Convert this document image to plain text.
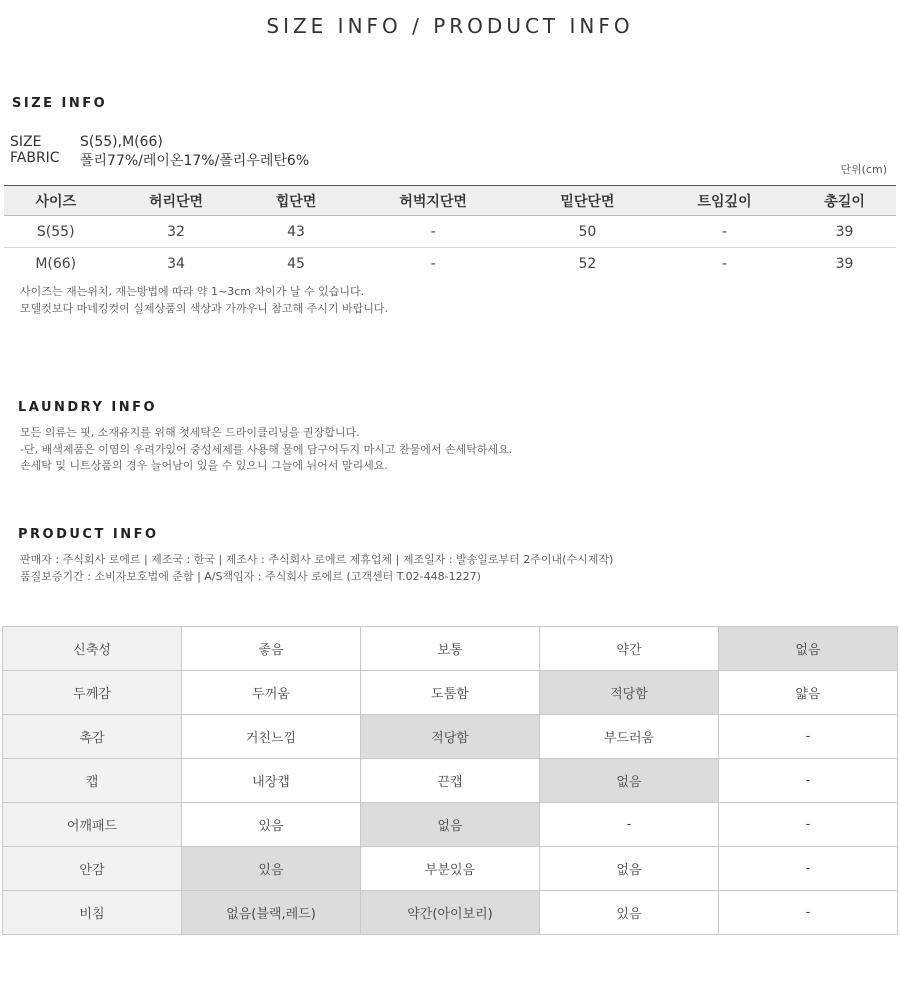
SIZE INFO / PRODUCT INFO
SIZE INFO
SIZE	S(55),M(66)
FABRIC	폴리77%/레이온17%/폴리우레탄6%
단위(cm)
사이즈	허리단면	힙단면	허벅지단면	밑단단면	트임깊이	총길이
S(55)	32	43	-	50	-	39
M(66)	34	45	-	52	-	39
사이즈는 재는위치, 재는방법에 따라 약 1~3cm 차이가 날 수 있습니다.
모델컷보다 마네킹컷이 실제상품의 색상과 가까우니 참고해 주시기 바랍니다.
LAUNDRY INFO
모든 의류는 핏, 소재유지를 위해 첫세탁은 드라이클리닝을 권장합니다.
-단, 배색제품은 이염의 우려가있어 중성세제를 사용해 물에 담구어두지 마시고 찬물에서 손세탁하세요.
손세탁 및 니트상품의 경우 늘어남이 있을 수 있으니 그늘에 뉘어서 말리세요.
PRODUCT INFO
판매자 : 주식회사 로에르 | 제조국 : 한국 | 제조사 : 주식회사 로에르 제휴업체 | 제조일자 : 발송일로부터 2주이내(수시제작)
품질보증기간 : 소비자보호법에 준함 | A/S책임자 : 주식회사 로에르 (고객센터 T.02-448-1227)
신축성	좋음	보통	약간	없음
두께감	두꺼움	도톰함	적당함	얇음
촉감	거친느낌	적당함	부드러움	-
캡	내장캡	끈캡	없음	-
어깨패드	있음	없음	-	-
안감	있음	부분있음	없음	-
비침	없음(블랙,레드)	약간(아이보리)	있음	-
